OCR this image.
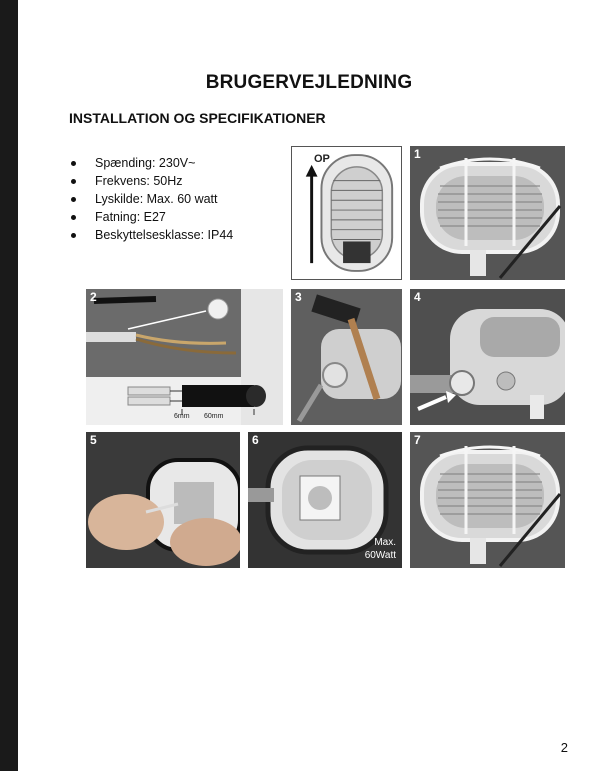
BRUGERVEJLEDNING
INSTALLATION OG SPECIFIKATIONER
Spænding: 230V~
Frekvens: 50Hz
Lyskilde: Max. 60 watt
Fatning: E27
Beskyttelsesklasse: IP44
OP	1
2
6mm 60mm
3	4
5	6
Max.
60Watt
7
2
